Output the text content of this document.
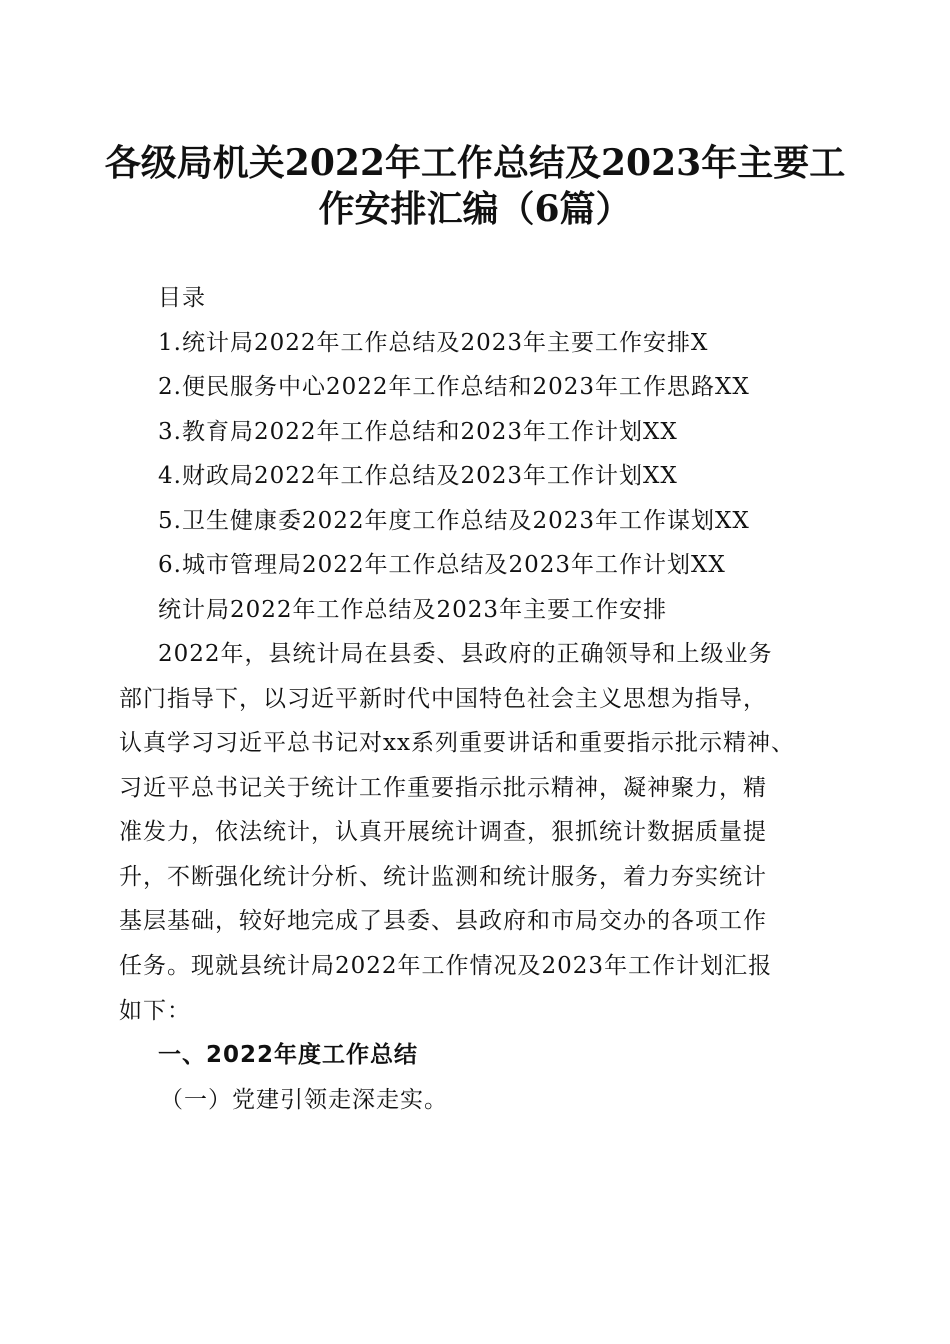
各级局机关2022年工作总结及2023年主要工
作安排汇编（6篇）
目录
1.统计局2022年工作总结及2023年主要工作安排X
2.便民服务中心2022年工作总结和2023年工作思路XX
3.教育局2022年工作总结和2023年工作计划XX
4.财政局2022年工作总结及2023年工作计划XX
5.卫生健康委2022年度工作总结及2023年工作谋划XX
6.城市管理局2022年工作总结及2023年工作计划XX
统计局2022年工作总结及2023年主要工作安排
2022年，县统计局在县委、县政府的正确领导和上级业务
部门指导下，以习近平新时代中国特色社会主义思想为指导，
认真学习习近平总书记对xx系列重要讲话和重要指示批示精神、
习近平总书记关于统计工作重要指示批示精神，凝神聚力，精
准发力，依法统计，认真开展统计调查，狠抓统计数据质量提
升，不断强化统计分析、统计监测和统计服务，着力夯实统计
基层基础，较好地完成了县委、县政府和市局交办的各项工作
任务。现就县统计局2022年工作情况及2023年工作计划汇报
如下：
一、2022年度工作总结
（一）党建引领走深走实。
